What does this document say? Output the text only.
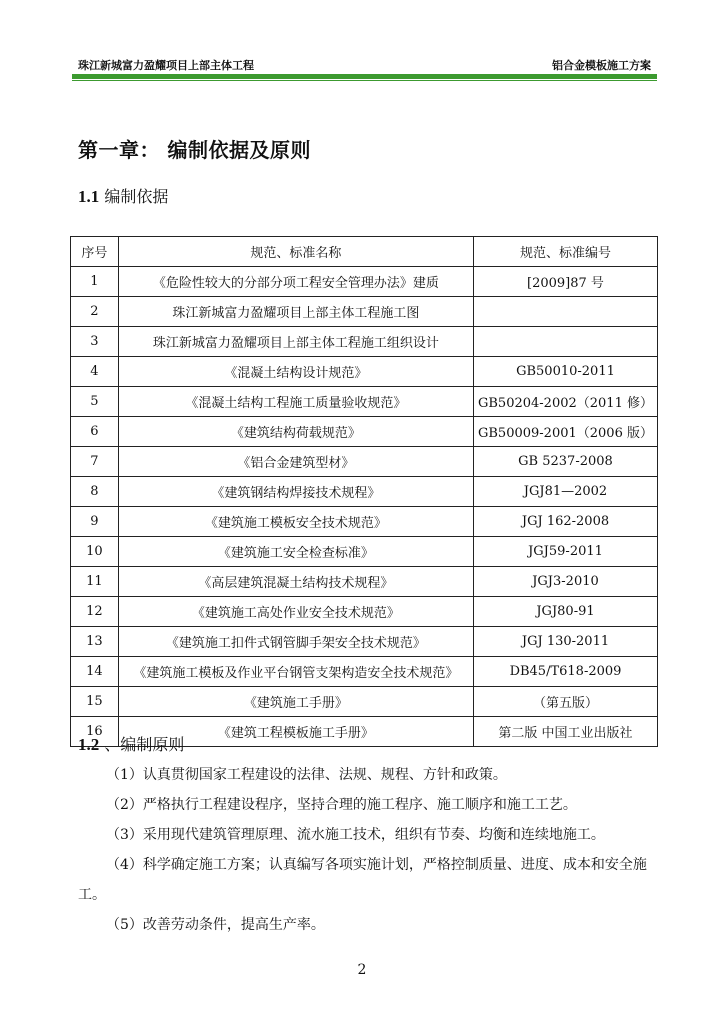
珠江新城富力盈耀项目上部主体工程	铝合金模板施工方案
第一章： 编制依据及原则
1.1 编制依据
序号	规范、标准名称	规范、标准编号
1	《危险性较大的分部分项工程安全管理办法》建质	[2009]87 号
2	珠江新城富力盈耀项目上部主体工程施工图	
3	珠江新城富力盈耀项目上部主体工程施工组织设计	
4	《混凝土结构设计规范》	GB50010-2011
5	《混凝土结构工程施工质量验收规范》	GB50204-2002（2011 修）
6	《建筑结构荷载规范》	GB50009-2001（2006 版）
7	《铝合金建筑型材》	GB 5237-2008
8	《建筑钢结构焊接技术规程》	JGJ81—2002
9	《建筑施工模板安全技术规范》	JGJ 162-2008
10	《建筑施工安全检查标准》	JGJ59-2011
11	《高层建筑混凝土结构技术规程》	JGJ3-2010
12	《建筑施工高处作业安全技术规范》	JGJ80-91
13	《建筑施工扣件式钢管脚手架安全技术规范》	JGJ 130-2011
14	《建筑施工模板及作业平台钢管支架构造安全技术规范》	DB45/T618-2009
15	《建筑施工手册》	（第五版）
16	《建筑工程模板施工手册》	第二版 中国工业出版社
1.2 、编制原则
（1）认真贯彻国家工程建设的法律、法规、规程、方针和政策。
（2）严格执行工程建设程序，坚持合理的施工程序、施工顺序和施工工艺。
（3）采用现代建筑管理原理、流水施工技术，组织有节奏、均衡和连续地施工。
（4）科学确定施工方案；认真编写各项实施计划，严格控制质量、进度、成本和安全施工。
（5）改善劳动条件，提高生产率。
2
